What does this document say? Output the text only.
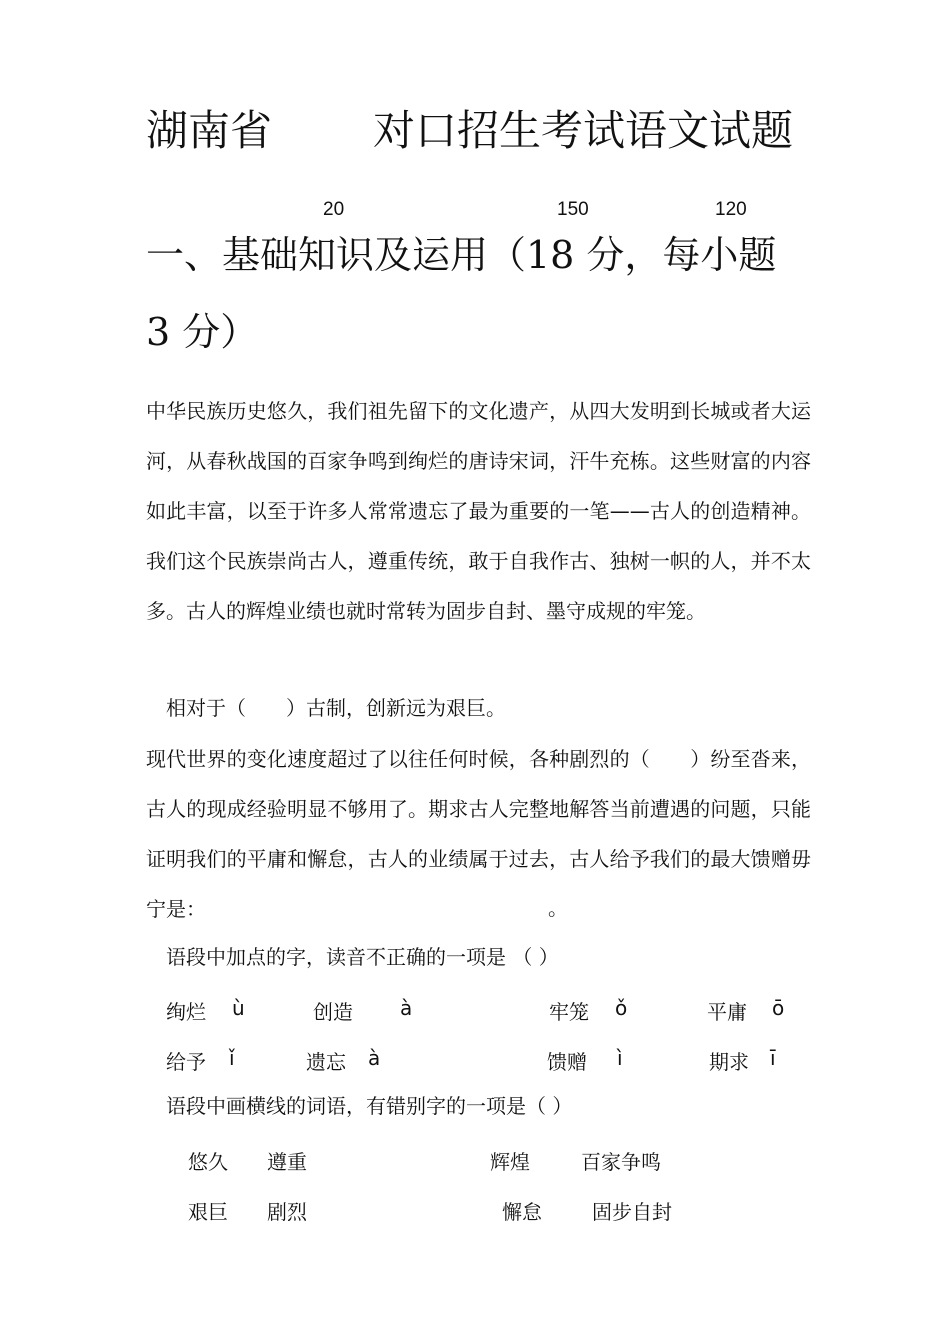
湖南省 对口招生考试语文试题
20	150	120
一、基础知识及运用（18 分，每小题
3 分）
中华民族历史悠久，我们祖先留下的文化遗产，从四大发明到长城或者大运河，从春秋战国的百家争鸣到绚烂的唐诗宋词，汗牛充栋。这些财富的内容如此丰富，以至于许多人常常遗忘了最为重要的一笔——古人的创造精神。我们这个民族崇尚古人，遵重传统，敢于自我作古、独树一帜的人，并不太多。古人的辉煌业绩也就时常转为固步自封、墨守成规的牢笼。
相对于（　　）古制，创新远为艰巨。
现代世界的变化速度超过了以往任何时候，各种剧烈的（　　）纷至沓来，古人的现成经验明显不够用了。期求古人完整地解答当前遭遇的问题，只能证明我们的平庸和懈怠，古人的业绩属于过去，古人给予我们的最大馈赠毋宁是：	。
语段中加点的字，读音不正确的一项是 （ ）
绚烂 ù	创造 à	牢笼 ǒ	平庸 ō
给予 ǐ	遗忘 à	馈赠 ì	期求 ī
语段中画横线的词语，有错别字的一项是（ ）
悠久 遵重	辉煌	百家争鸣
艰巨 剧烈	懈怠	固步自封
